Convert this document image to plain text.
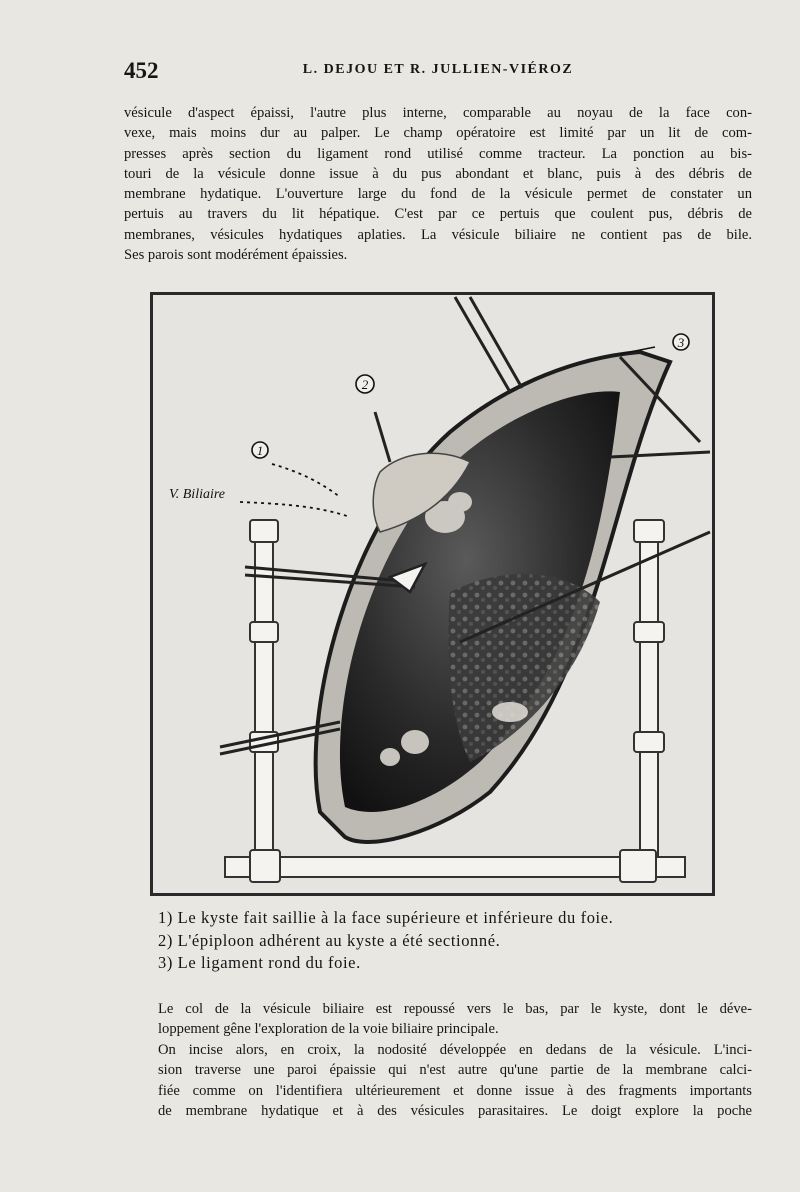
452	L. DEJOU ET R. JULLIEN-VIÉROZ

vésicule d'aspect épaissi, l'autre plus interne, comparable au noyau de la face con-
vexe, mais moins dur au palper. Le champ opératoire est limité par un lit de com-
presses après section du ligament rond utilisé comme tracteur. La ponction au bis-
touri de la vésicule donne issue à du pus abondant et blanc, puis à des débris de
membrane hydatique. L'ouverture large du fond de la vésicule permet de constater un
pertuis au travers du lit hépatique. C'est par ce pertuis que coulent pus, débris de
membranes, vésicules hydatiques aplaties. La vésicule biliaire ne contient pas de bile.
Ses parois sont modérément épaissies.

1
2
3
V. Biliaire
1) Le kyste fait saillie à la face supérieure et inférieure du foie.
2) L'épiploon adhérent au kyste a été sectionné.
3) Le ligament rond du foie.

Le col de la vésicule biliaire est repoussé vers le bas, par le kyste, dont le déve-
loppement gêne l'exploration de la voie biliaire principale.

On incise alors, en croix, la nodosité développée en dedans de la vésicule. L'inci-
sion traverse une paroi épaissie qui n'est autre qu'une partie de la membrane calci-
fiée comme on l'identifiera ultérieurement et donne issue à des fragments importants
de membrane hydatique et à des vésicules parasitaires. Le doigt explore la poche
